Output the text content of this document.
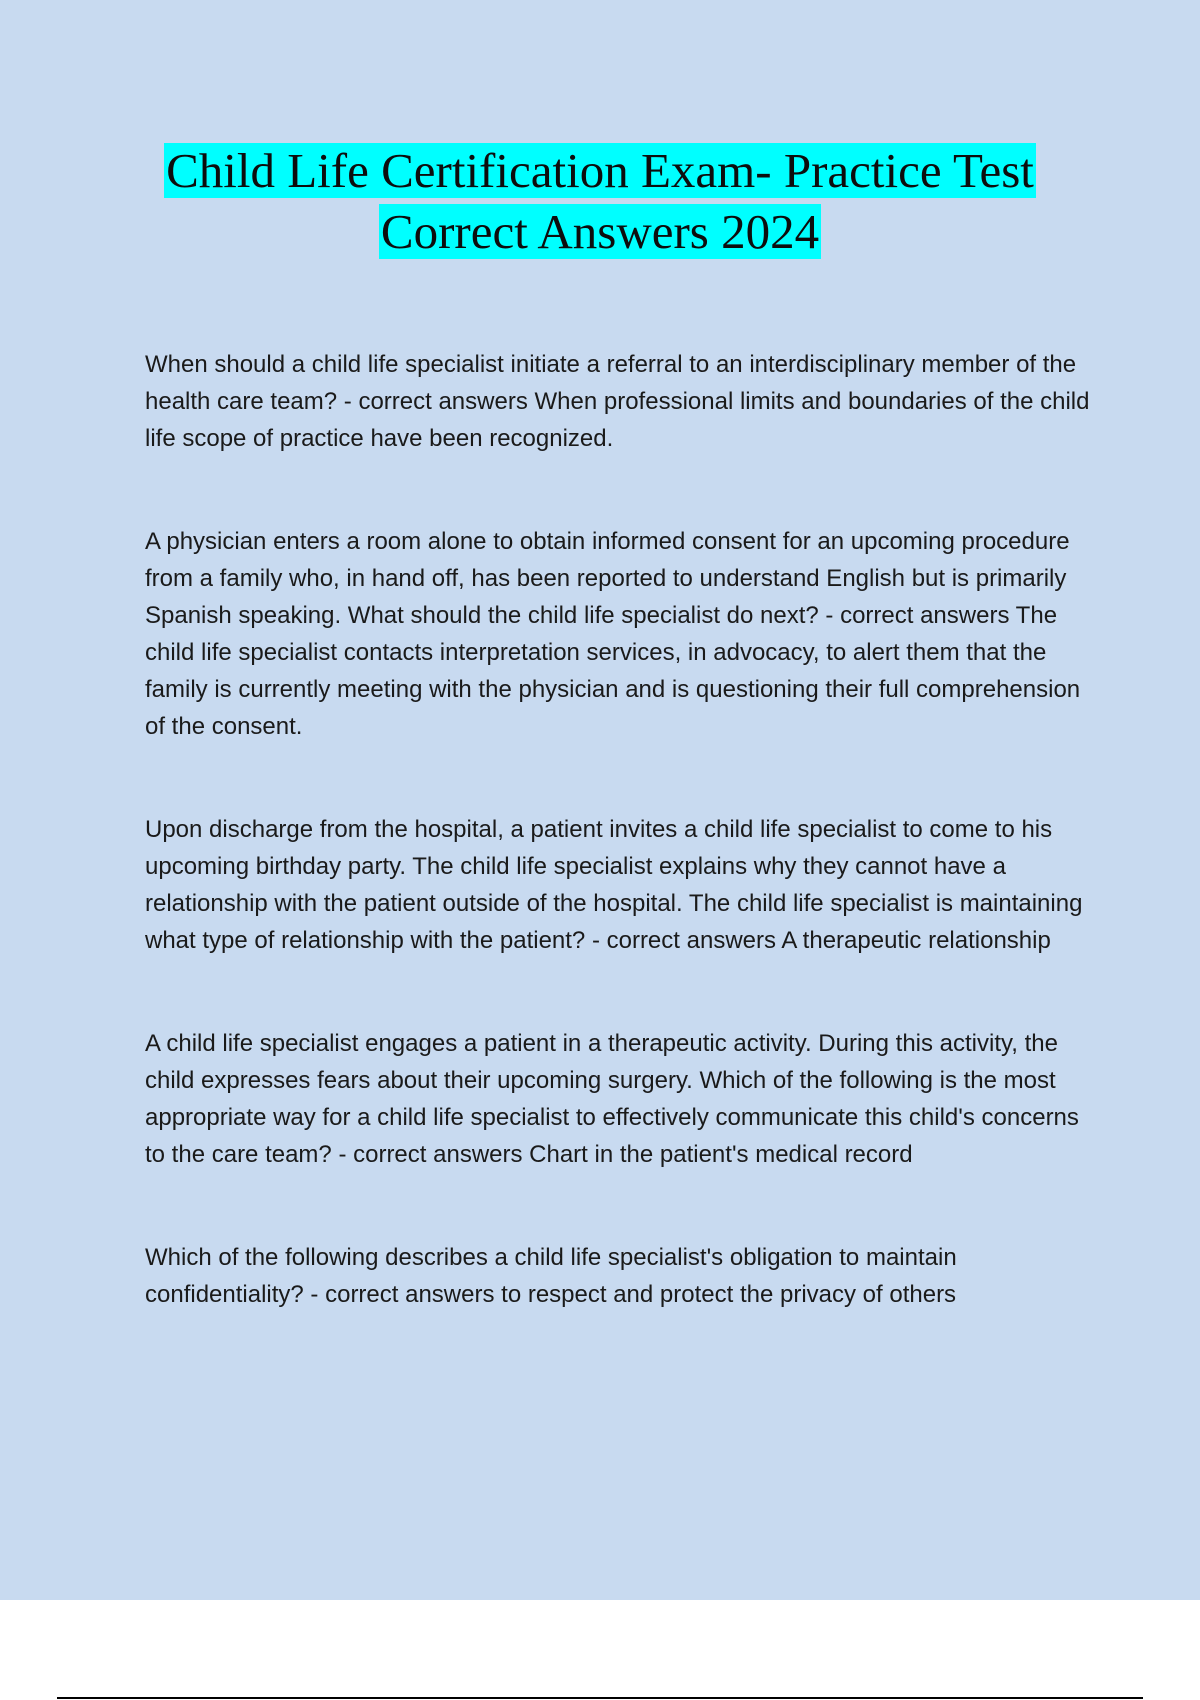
Child Life Certification Exam- Practice Test
Correct Answers 2024
When should a child life specialist initiate a referral to an interdisciplinary member of the health care team? - correct answers When professional limits and boundaries of the child life scope of practice have been recognized.
A physician enters a room alone to obtain informed consent for an upcoming procedure from a family who, in hand off, has been reported to understand English but is primarily Spanish speaking. What should the child life specialist do next? - correct answers The child life specialist contacts interpretation services, in advocacy, to alert them that the family is currently meeting with the physician and is questioning their full comprehension of the consent.
Upon discharge from the hospital, a patient invites a child life specialist to come to his upcoming birthday party. The child life specialist explains why they cannot have a relationship with the patient outside of the hospital. The child life specialist is maintaining what type of relationship with the patient? - correct answers A therapeutic relationship
A child life specialist engages a patient in a therapeutic activity. During this activity, the child expresses fears about their upcoming surgery. Which of the following is the most appropriate way for a child life specialist to effectively communicate this child's concerns to the care team? - correct answers Chart in the patient's medical record
Which of the following describes a child life specialist's obligation to maintain confidentiality? - correct answers to respect and protect the privacy of others
